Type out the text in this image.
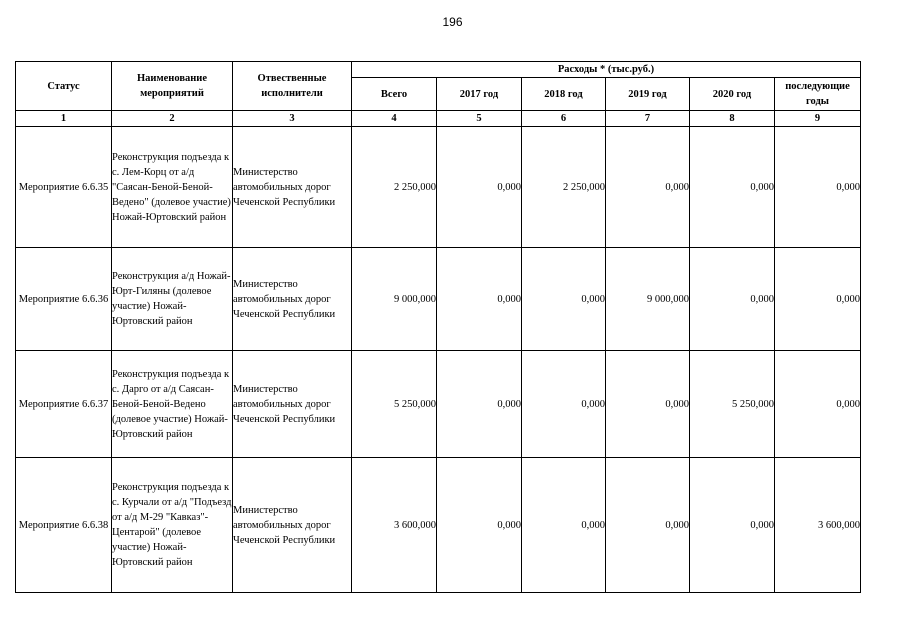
196
Статус	Наименование мероприятий	Отвественные исполнители	Расходы * (тыс.руб.)					
			Всего	2017 год	2018 год	2019 год	2020 год	последующие годы
1	2	3	4	5	6	7	8	9
Мероприятие 6.6.35	Реконструкция подъезда к с. Лем-Корц от а/д "Саясан-Беной-Беной-Ведено" (долевое участие) Ножай-Юртовский район	Министерство автомобильных дорог Чеченской Республики	2 250,000	0,000	2 250,000	0,000	0,000	0,000
Мероприятие 6.6.36	Реконструкция а/д Ножай-Юрт-Гиляны (долевое участие) Ножай-Юртовский район	Министерство автомобильных дорог Чеченской Республики	9 000,000	0,000	0,000	9 000,000	0,000	0,000
Мероприятие 6.6.37	Реконструкция подъезда к с. Дарго от а/д Саясан-Беной-Беной-Ведено (долевое участие) Ножай-Юртовский район	Министерство автомобильных дорог Чеченской Республики	5 250,000	0,000	0,000	0,000	5 250,000	0,000
Мероприятие 6.6.38	Реконструкция подъезда к с. Курчали от а/д "Подъезд от а/д М-29 "Кавказ"-Центарой" (долевое участие) Ножай-Юртовский район	Министерство автомобильных дорог Чеченской Республики	3 600,000	0,000	0,000	0,000	0,000	3 600,000
